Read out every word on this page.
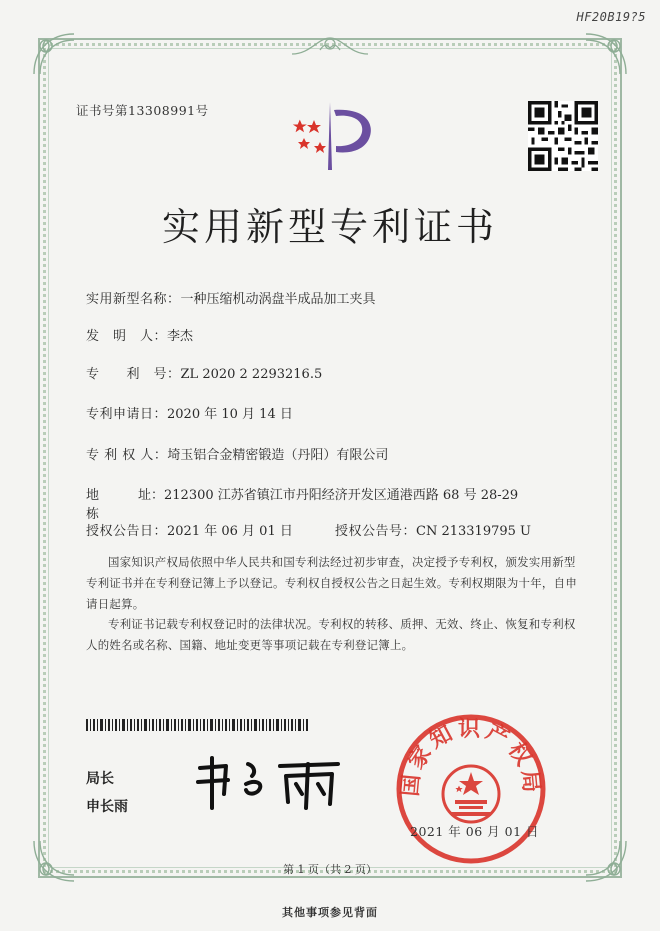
HF20B19?5
证书号第13308991号
实用新型专利证书
实用新型名称：一种压缩机动涡盘半成品加工夹具
发　明　人：李杰
专　　利　号：ZL 2020 2 2293216.5
专利申请日：2020 年 10 月 14 日
专 利 权 人：埼玉铝合金精密锻造（丹阳）有限公司
地　　　址：212300 江苏省镇江市丹阳经济开发区通港西路 68 号 28-29
栋
授权公告日：2021 年 06 月 01 日	授权公告号：CN 213319795 U
国家知识产权局依照中华人民共和国专利法经过初步审查，决定授予专利权，颁发实用新型专利证书并在专利登记簿上予以登记。专利权自授权公告之日起生效。专利权期限为十年，自申请日起算。
专利证书记载专利权登记时的法律状况。专利权的转移、质押、无效、终止、恢复和专利权人的姓名或名称、国籍、地址变更等事项记载在专利登记簿上。
局长
申长雨
国家知识产权局
2021 年 06 月 01 日
第 1 页（共 2 页）
其他事项参见背面
